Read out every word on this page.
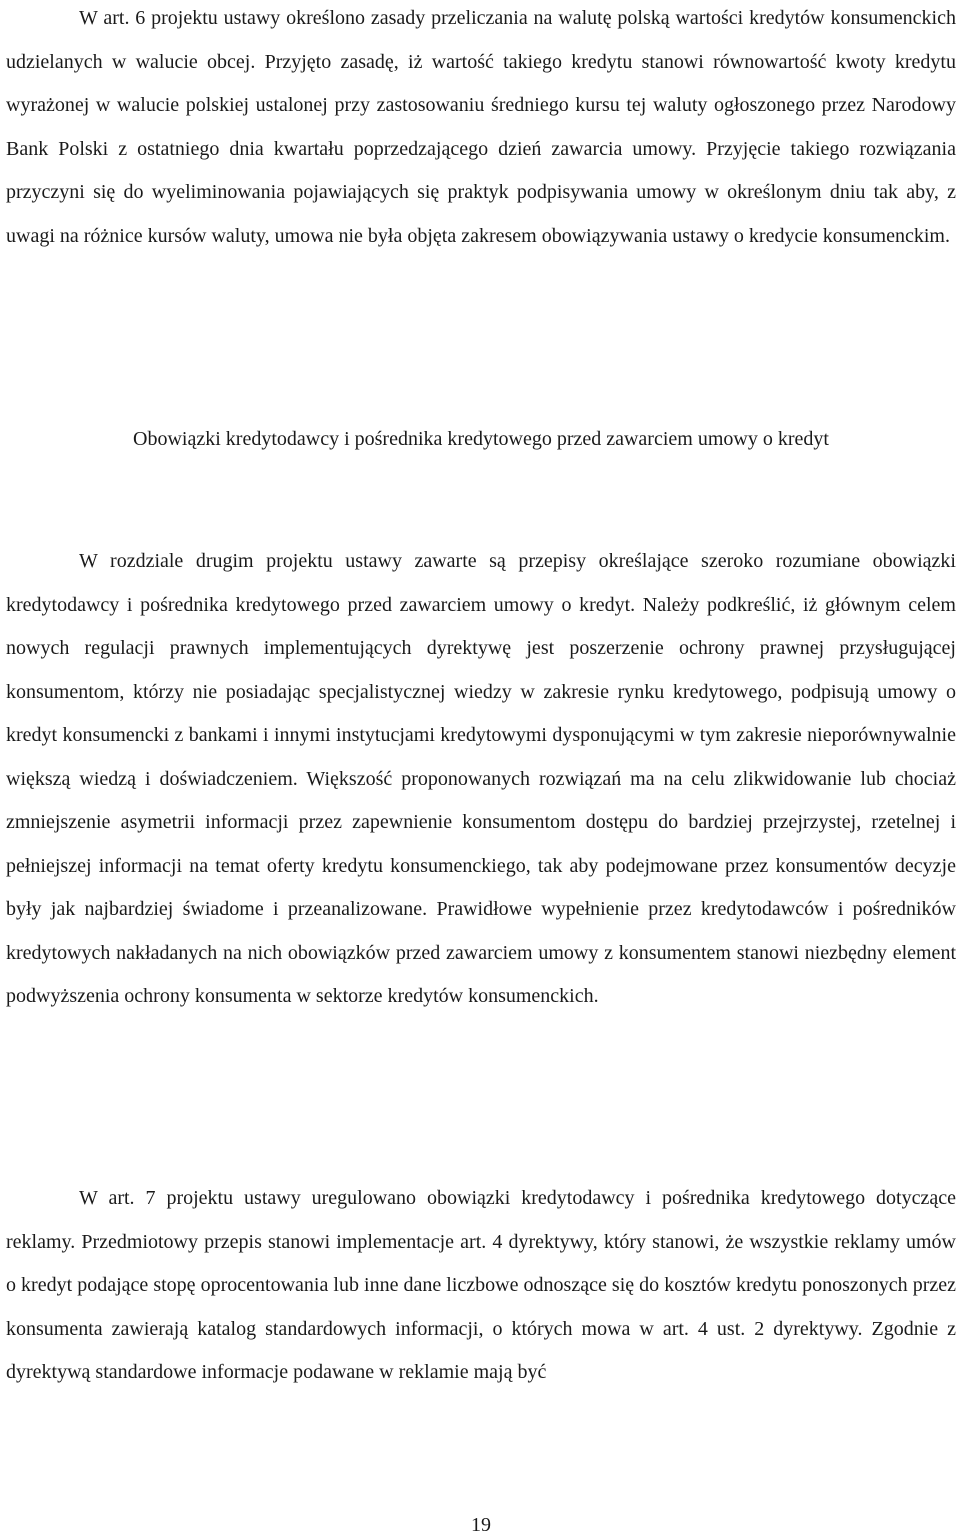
W art. 6 projektu ustawy określono zasady przeliczania na walutę polską wartości kredytów konsumenckich udzielanych w walucie obcej. Przyjęto zasadę, iż wartość takiego kredytu stanowi równowartość kwoty kredytu wyrażonej w walucie polskiej ustalonej przy zastosowaniu średniego kursu tej waluty ogłoszonego przez Narodowy Bank Polski z ostatniego dnia kwartału poprzedzającego dzień zawarcia umowy. Przyjęcie takiego rozwiązania przyczyni się do wyeliminowania pojawiających się praktyk podpisywania umowy w określonym dniu tak aby, z uwagi na różnice kursów waluty, umowa nie była objęta zakresem obowiązywania ustawy o kredycie konsumenckim.

Obowiązki kredytodawcy i pośrednika kredytowego przed zawarciem umowy o kredyt

W rozdziale drugim projektu ustawy zawarte są przepisy określające szeroko rozumiane obowiązki kredytodawcy i pośrednika kredytowego przed zawarciem umowy o kredyt. Należy podkreślić, iż głównym celem nowych regulacji prawnych implementujących dyrektywę jest poszerzenie ochrony prawnej przysługującej konsumentom, którzy nie posiadając specjalistycznej wiedzy w zakresie rynku kredytowego, podpisują umowy o kredyt konsumencki z bankami i innymi instytucjami kredytowymi dysponującymi w tym zakresie nieporównywalnie większą wiedzą i doświadczeniem. Większość proponowanych rozwiązań ma na celu zlikwidowanie lub chociaż zmniejszenie asymetrii informacji przez zapewnienie konsumentom dostępu do bardziej przejrzystej, rzetelnej i pełniejszej informacji na temat oferty kredytu konsumenckiego, tak aby podejmowane przez konsumentów decyzje były jak najbardziej świadome i przeanalizowane. Prawidłowe wypełnienie przez kredytodawców i pośredników kredytowych nakładanych na nich obowiązków przed zawarciem umowy z konsumentem stanowi niezbędny element podwyższenia ochrony konsumenta w sektorze kredytów konsumenckich.

W art. 7 projektu ustawy uregulowano obowiązki kredytodawcy i pośrednika kredytowego dotyczące reklamy. Przedmiotowy przepis stanowi implementacje art. 4 dyrektywy, który stanowi, że wszystkie reklamy umów o kredyt podające stopę oprocentowania lub inne dane liczbowe odnoszące się do kosztów kredytu ponoszonych przez konsumenta zawierają katalog standardowych informacji, o których mowa w art. 4 ust. 2 dyrektywy. Zgodnie z dyrektywą standardowe informacje podawane w reklamie mają być

19
